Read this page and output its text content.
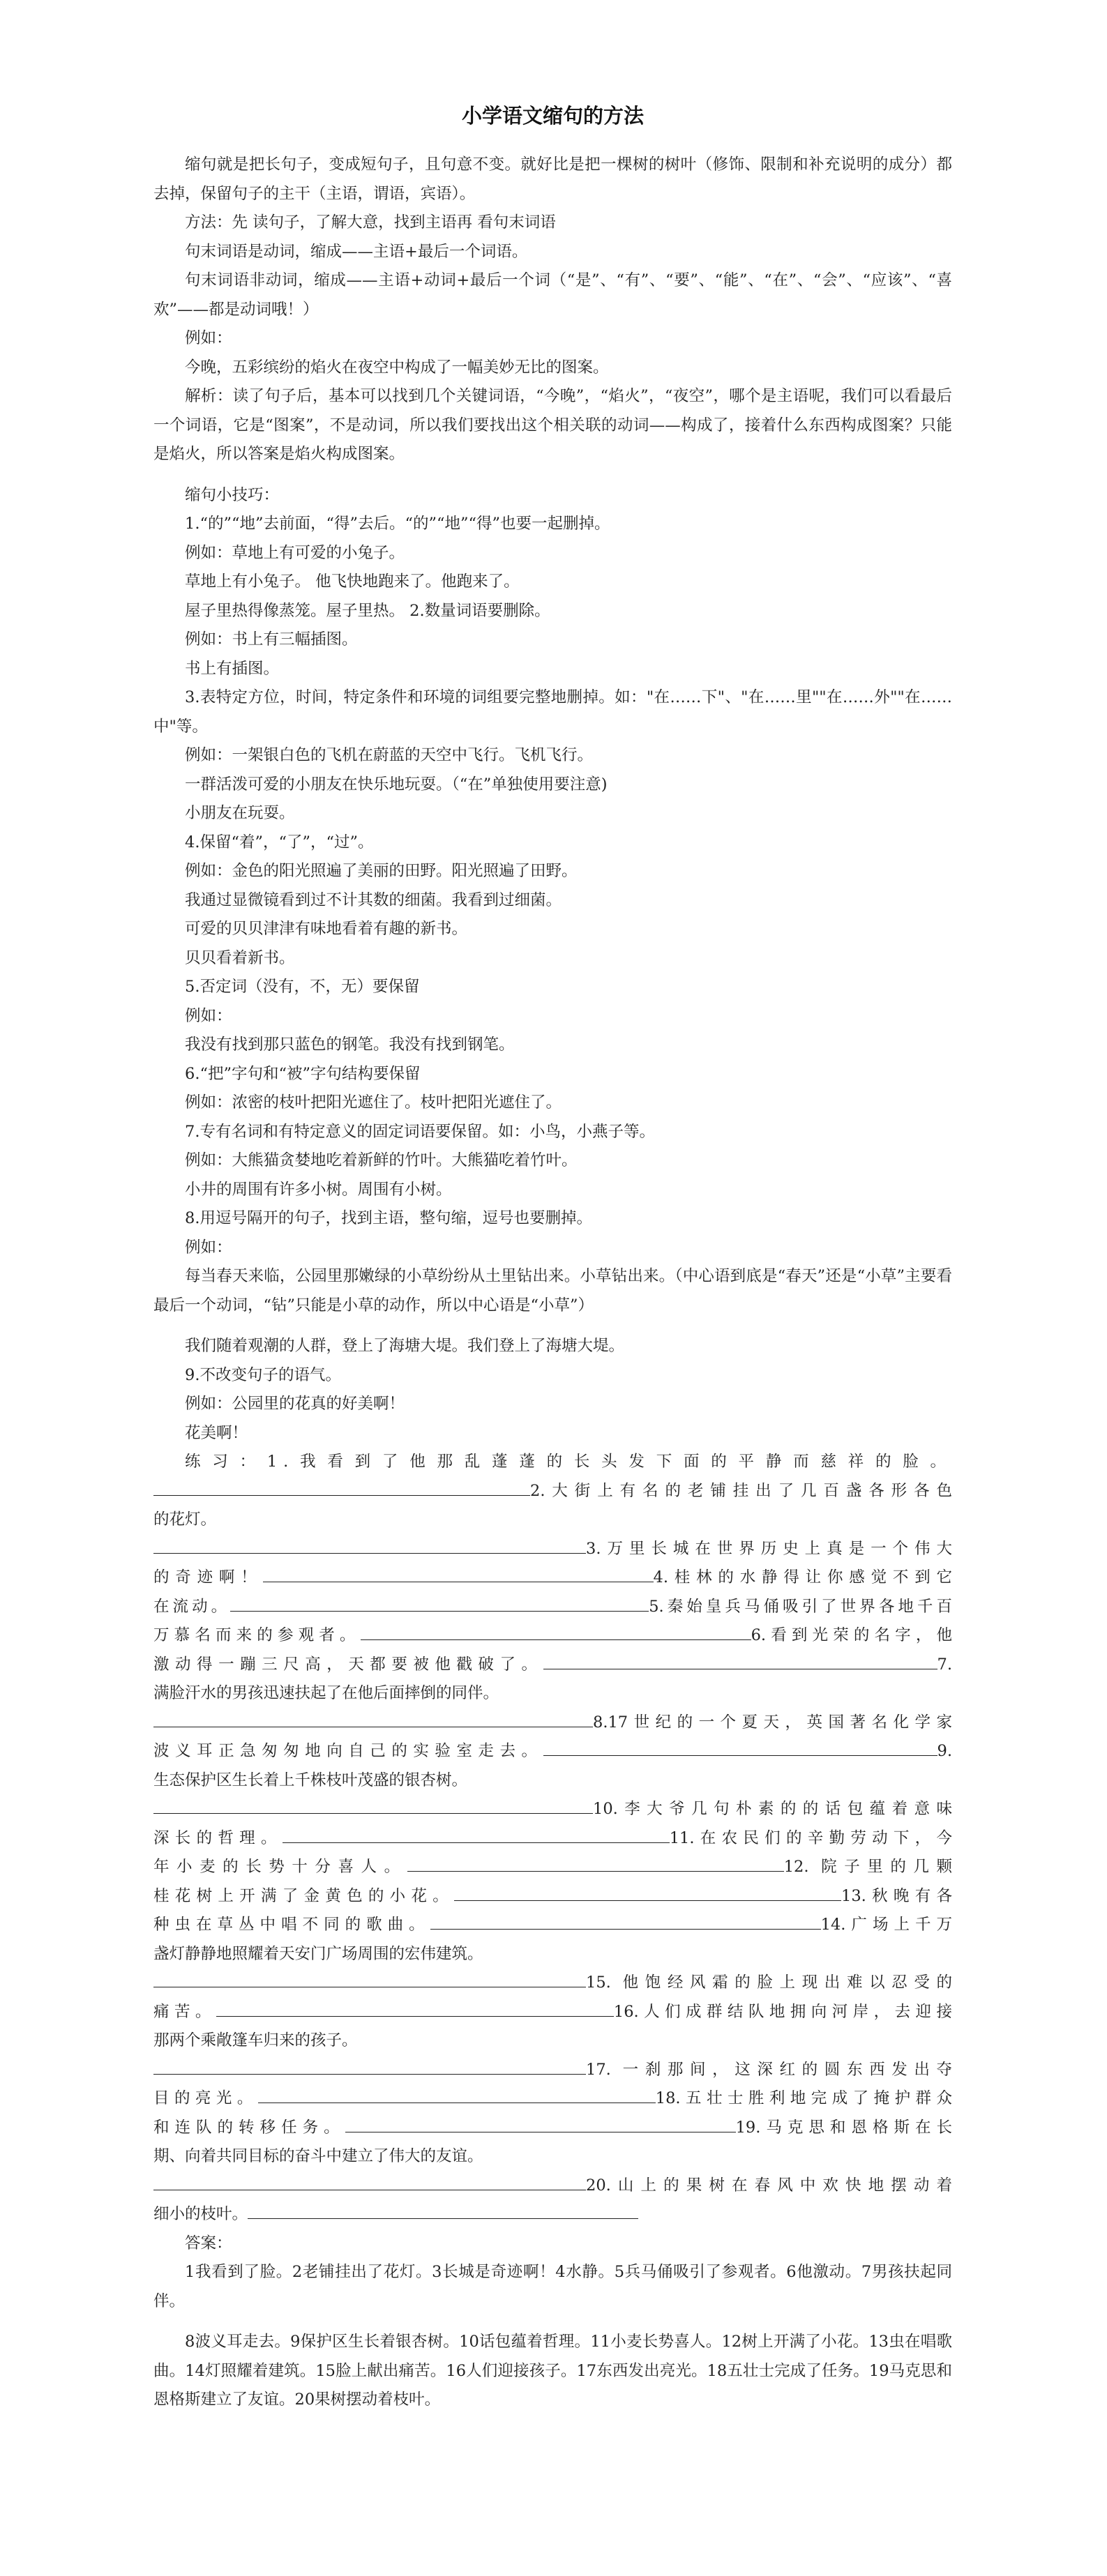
小学语文缩句的方法

缩句就是把长句子，变成短句子，且句意不变。就好比是把一棵树的树叶（修饰、限制和补充说明的成分）都去掉，保留句子的主干（主语，谓语，宾语）。

方法：先 读句子，了解大意，找到主语再 看句末词语

句末词语是动词，缩成——主语+最后一个词语。

句末词语非动词，缩成——主语+动词+最后一个词（“是”、“有”、“要”、“能”、“在”、“会”、“应该”、“喜欢”——都是动词哦！）

例如：

今晚，五彩缤纷的焰火在夜空中构成了一幅美妙无比的图案。

解析：读了句子后，基本可以找到几个关键词语，“今晚”，“焰火”，“夜空”，哪个是主语呢，我们可以看最后一个词语，它是“图案”，不是动词，所以我们要找出这个相关联的动词——构成了，接着什么东西构成图案？只能是焰火，所以答案是焰火构成图案。

缩句小技巧：

1.“的”“地”去前面，“得”去后。“的”“地”“得”也要一起删掉。

例如：草地上有可爱的小兔子。

草地上有小兔子。 他飞快地跑来了。他跑来了。

屋子里热得像蒸笼。屋子里热。 2.数量词语要删除。

例如：书上有三幅插图。

书上有插图。

3.表特定方位，时间，特定条件和环境的词组要完整地删掉。如："在……下"、"在……里""在……外""在……中"等。

例如：一架银白色的飞机在蔚蓝的天空中飞行。飞机飞行。

一群活泼可爱的小朋友在快乐地玩耍。（“在”单独使用要注意)

小朋友在玩耍。

4.保留“着”，“了”，“过”。

例如：金色的阳光照遍了美丽的田野。阳光照遍了田野。

我通过显微镜看到过不计其数的细菌。我看到过细菌。

可爱的贝贝津津有味地看着有趣的新书。

贝贝看着新书。

5.否定词（没有，不，无）要保留

例如：

我没有找到那只蓝色的钢笔。我没有找到钢笔。

6.“把”字句和“被”字句结构要保留

例如：浓密的枝叶把阳光遮住了。枝叶把阳光遮住了。

7.专有名词和有特定意义的固定词语要保留。如：小鸟，小燕子等。

例如：大熊猫贪婪地吃着新鲜的竹叶。大熊猫吃着竹叶。

小井的周围有许多小树。周围有小树。

8.用逗号隔开的句子，找到主语，整句缩，逗号也要删掉。

例如：

每当春天来临，公园里那嫩绿的小草纷纷从土里钻出来。小草钻出来。（中心语到底是“春天”还是“小草”主要看最后一个动词，“钻”只能是小草的动作，所以中心语是“小草”）

我们随着观潮的人群，登上了海塘大堤。我们登上了海塘大堤。

9.不改变句子的语气。

例如：公园里的花真的好美啊！

花美啊！

练习：1.我看到了他那乱蓬蓬的长头发下面的平静而慈祥的脸。

2.大街上有名的老铺挂出了几百盏各形各色

的花灯。

3.万里长城在世界历史上真是一个伟大

的奇迹啊！	4.桂林的水静得让你感觉不到它

在流动。	5.秦始皇兵马俑吸引了世界各地千百

万慕名而来的参观者。	6.看到光荣的名字，他

激动得一蹦三尺高，天都要被他戳破了。	7.

满脸汗水的男孩迅速扶起了在他后面摔倒的同伴。

8.17世纪的一个夏天，英国著名化学家

波义耳正急匆匆地向自己的实验室走去。	9.

生态保护区生长着上千株枝叶茂盛的银杏树。

10.李大爷几句朴素的的话包蕴着意味

深长的哲理。	11.在农民们的辛勤劳动下，今

年小麦的长势十分喜人。	12. 院子里的几颗

桂花树上开满了金黄色的小花。	13.秋晚有各

种虫在草丛中唱不同的歌曲。	14.广场上千万

盏灯静静地照耀着天安门广场周围的宏伟建筑。

15. 他饱经风霜的脸上现出难以忍受的

痛苦。	16.人们成群结队地拥向河岸，去迎接

那两个乘敞篷车归来的孩子。

17. 一刹那间，这深红的圆东西发出夺

目的亮光。	18.五壮士胜利地完成了掩护群众

和连队的转移任务。	19.马克思和恩格斯在长

期、向着共同目标的奋斗中建立了伟大的友谊。

20.山上的果树在春风中欢快地摆动着

细小的枝叶。

答案：

1我看到了脸。2老铺挂出了花灯。3长城是奇迹啊！4水静。5兵马俑吸引了参观者。6他激动。7男孩扶起同伴。

8波义耳走去。9保护区生长着银杏树。10话包蕴着哲理。11小麦长势喜人。12树上开满了小花。13虫在唱歌曲。14灯照耀着建筑。15脸上献出痛苦。16人们迎接孩子。17东西发出亮光。18五壮士完成了任务。19马克思和恩格斯建立了友谊。20果树摆动着枝叶。
